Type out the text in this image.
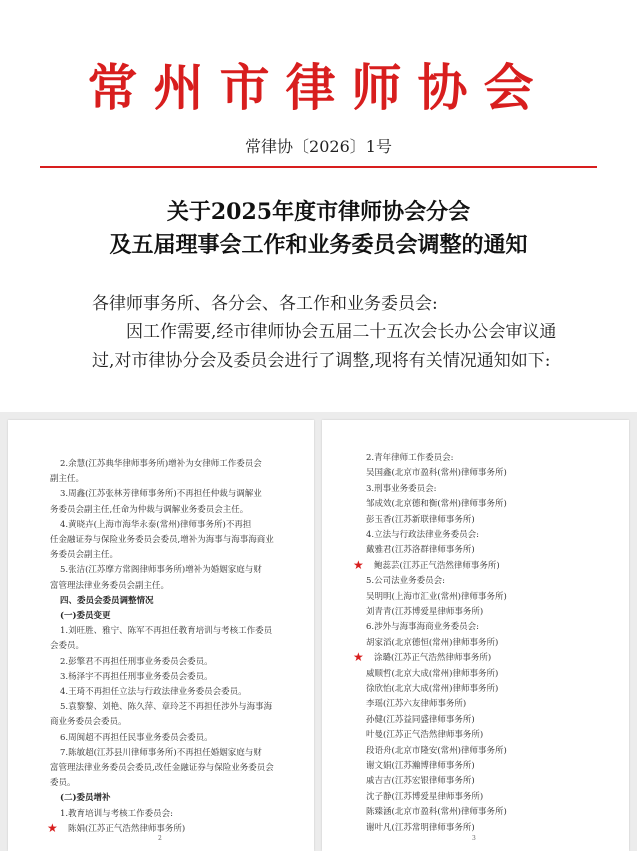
常州市律师协会
常律协〔2026〕1号
关于2025年度市律师协会分会
及五届理事会工作和业务委员会调整的通知
各律师事务所、各分会、各工作和业务委员会:

因工作需要,经市律师协会五届二十五次会长办公会审议通过,对市律协分会及委员会进行了调整,现将有关情况通知如下:

2.余慧(江苏典华律师事务所)增补为女律师工作委员会
副主任。
3.周鑫(江苏张林芳律师事务所)不再担任仲裁与调解业
务委员会副主任,任命为仲裁与调解业务委员会主任。
4.黄晓卉(上海市海华永泰(常州)律师事务所)不再担
任金融证券与保险业务委员会委员,增补为海事与海事海商业
务委员会副主任。
5.张洁(江苏摩方常阁律师事务所)增补为婚姻家庭与财
富管理法律业务委员会副主任。
四、委员会委员调整情况
(一)委员变更
1.刘旺胜、雅宁、陈军不再担任教育培训与考核工作委员
会委员。
2.彭擎君不再担任刑事业务委员会委员。
3.杨泽宇不再担任刑事业务委员会委员。
4.王琦不再担任立法与行政法律业务委员会委员。
5.袁黎黎、刘艳、陈久萍、章玲芝不再担任涉外与海事海
商业务委员会委员。
6.周闽超不再担任民事业务委员会委员。
7.陈敏超(江苏县川律师事务所)不再担任婚姻家庭与财
富管理法律业务委员会委员,改任金融证券与保险业务委员会
委员。
(二)委员增补
1.教育培训与考核工作委员会:
★ 陈娟(江苏正气浩然律师事务所)
2
2.青年律师工作委员会:
吴国鑫(北京市盈科(常州)律师事务所)
3.刑事业务委员会:
邹成效(北京德和衡(常州)律师事务所)
彭玉香(江苏新联律师事务所)
4.立法与行政法律业务委员会:
戴雅君(江苏洛群律师事务所)
★ 鲍蕊芸(江苏正气浩然律师事务所)
5.公司法业务委员会:
吴明明(上海市汇业(常州)律师事务所)
刘青青(江苏博爱星律师事务所)
6.涉外与海事海商业务委员会:
胡家滔(北京德恒(常州)律师事务所)
★ 涂璐(江苏正气浩然律师事务所)
威顺哲(北京大成(常州)律师事务所)
徐欣怡(北京大成(常州)律师事务所)
李瑶(江苏六友律师事务所)
孙健(江苏益同盛律师事务所)
叶曼(江苏正气浩然律师事务所)
段语舟(北京市隆安(常州)律师事务所)
谢文娟(江苏瀚博律师事务所)
戚吉吉(江苏宏银律师事务所)
沈子静(江苏博爱星律师事务所)
陈臻涵(北京市盈科(常州)律师事务所)
谢叶凡(江苏常明律师事务所)
3
